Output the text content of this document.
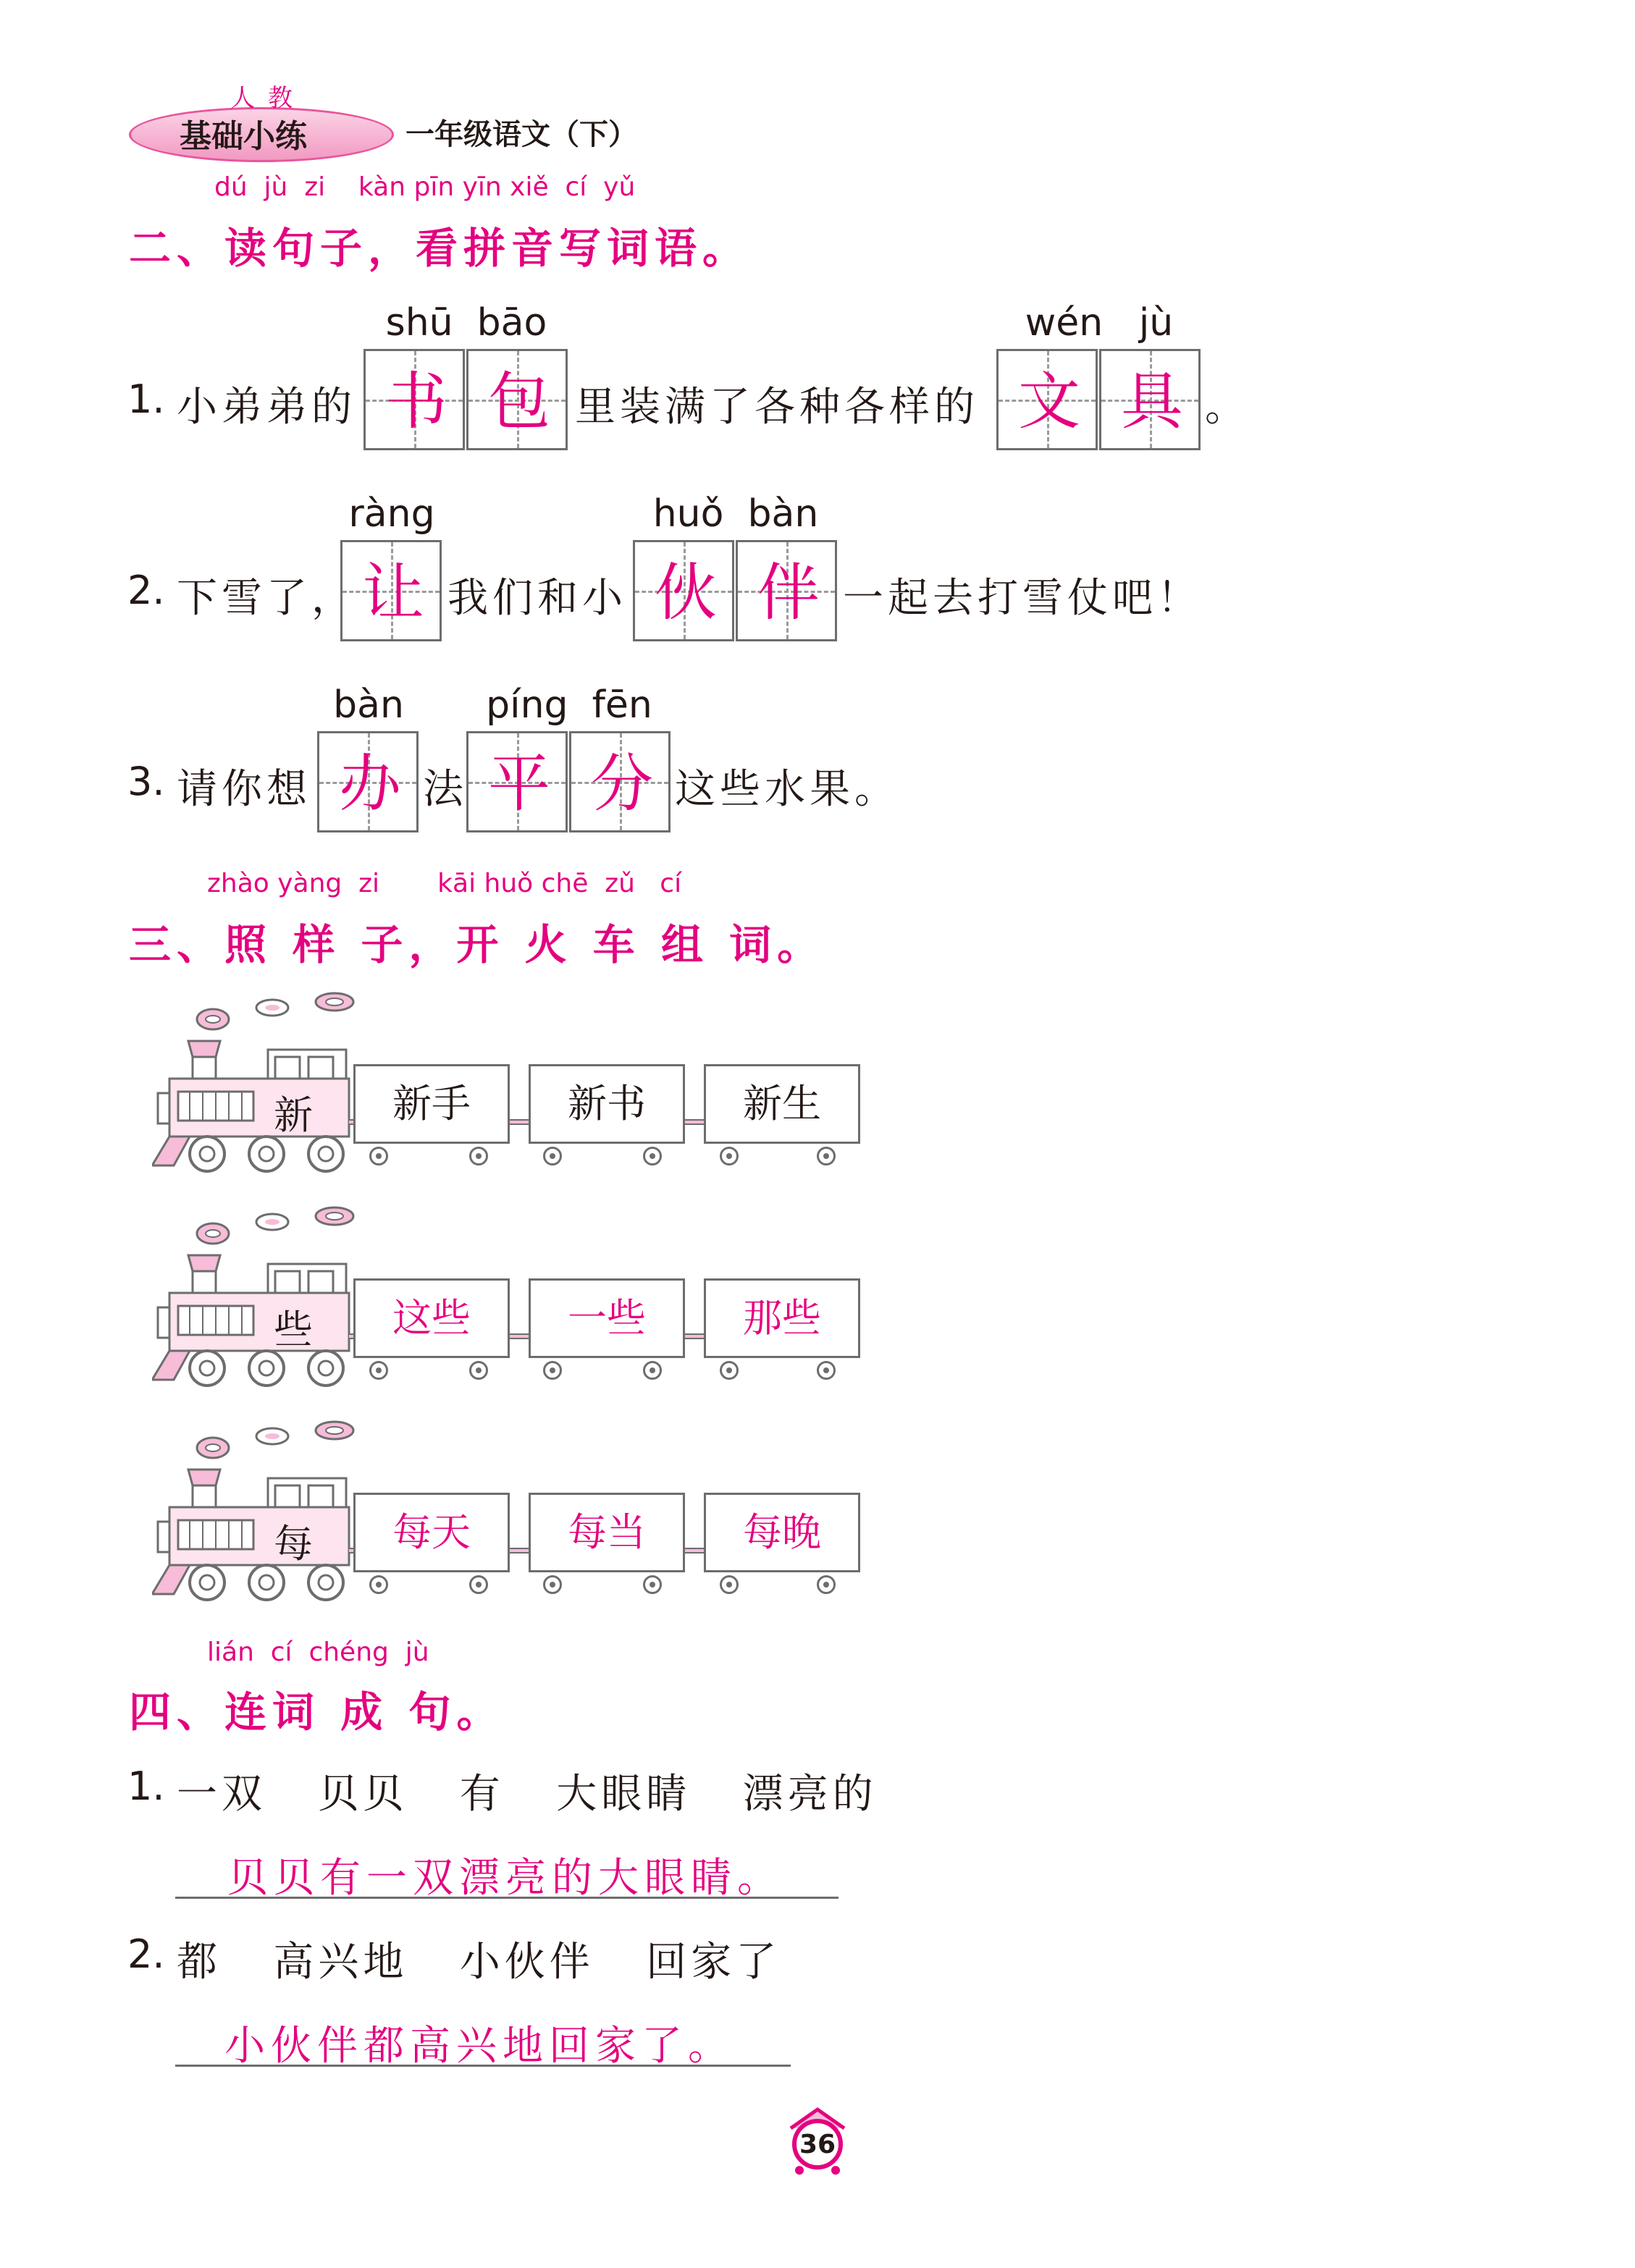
人教
基础小练	一年级语文（下）
dú  jù  zi    kàn pīn yīn xiě  cí  yǔ
二、读句子，看拼音写词语。
1. 小弟弟的
shū  bāo
书 包 里装满了各种各样的
wén   jù
文 具 。
2. 下雪了，
ràng
让 我们和小
huǒ  bàn
伙 伴 一起去打雪仗吧！
3. 请你想
bàn
办 法
píng  fēn
平 分 这些水果。
zhào yàng  zi       kāi huǒ chē  zǔ   cí
三、照 样 子，开 火 车 组 词。
新	新手	新书	新生
些	这些	一些	那些
每	每天	每当	每晚
lián  cí  chéng  jù
四、连词 成 句。
1. 一双   贝贝   有   大眼睛   漂亮的
贝贝有一双漂亮的大眼睛。
2. 都   高兴地   小伙伴   回家了
小伙伴都高兴地回家了。
36
